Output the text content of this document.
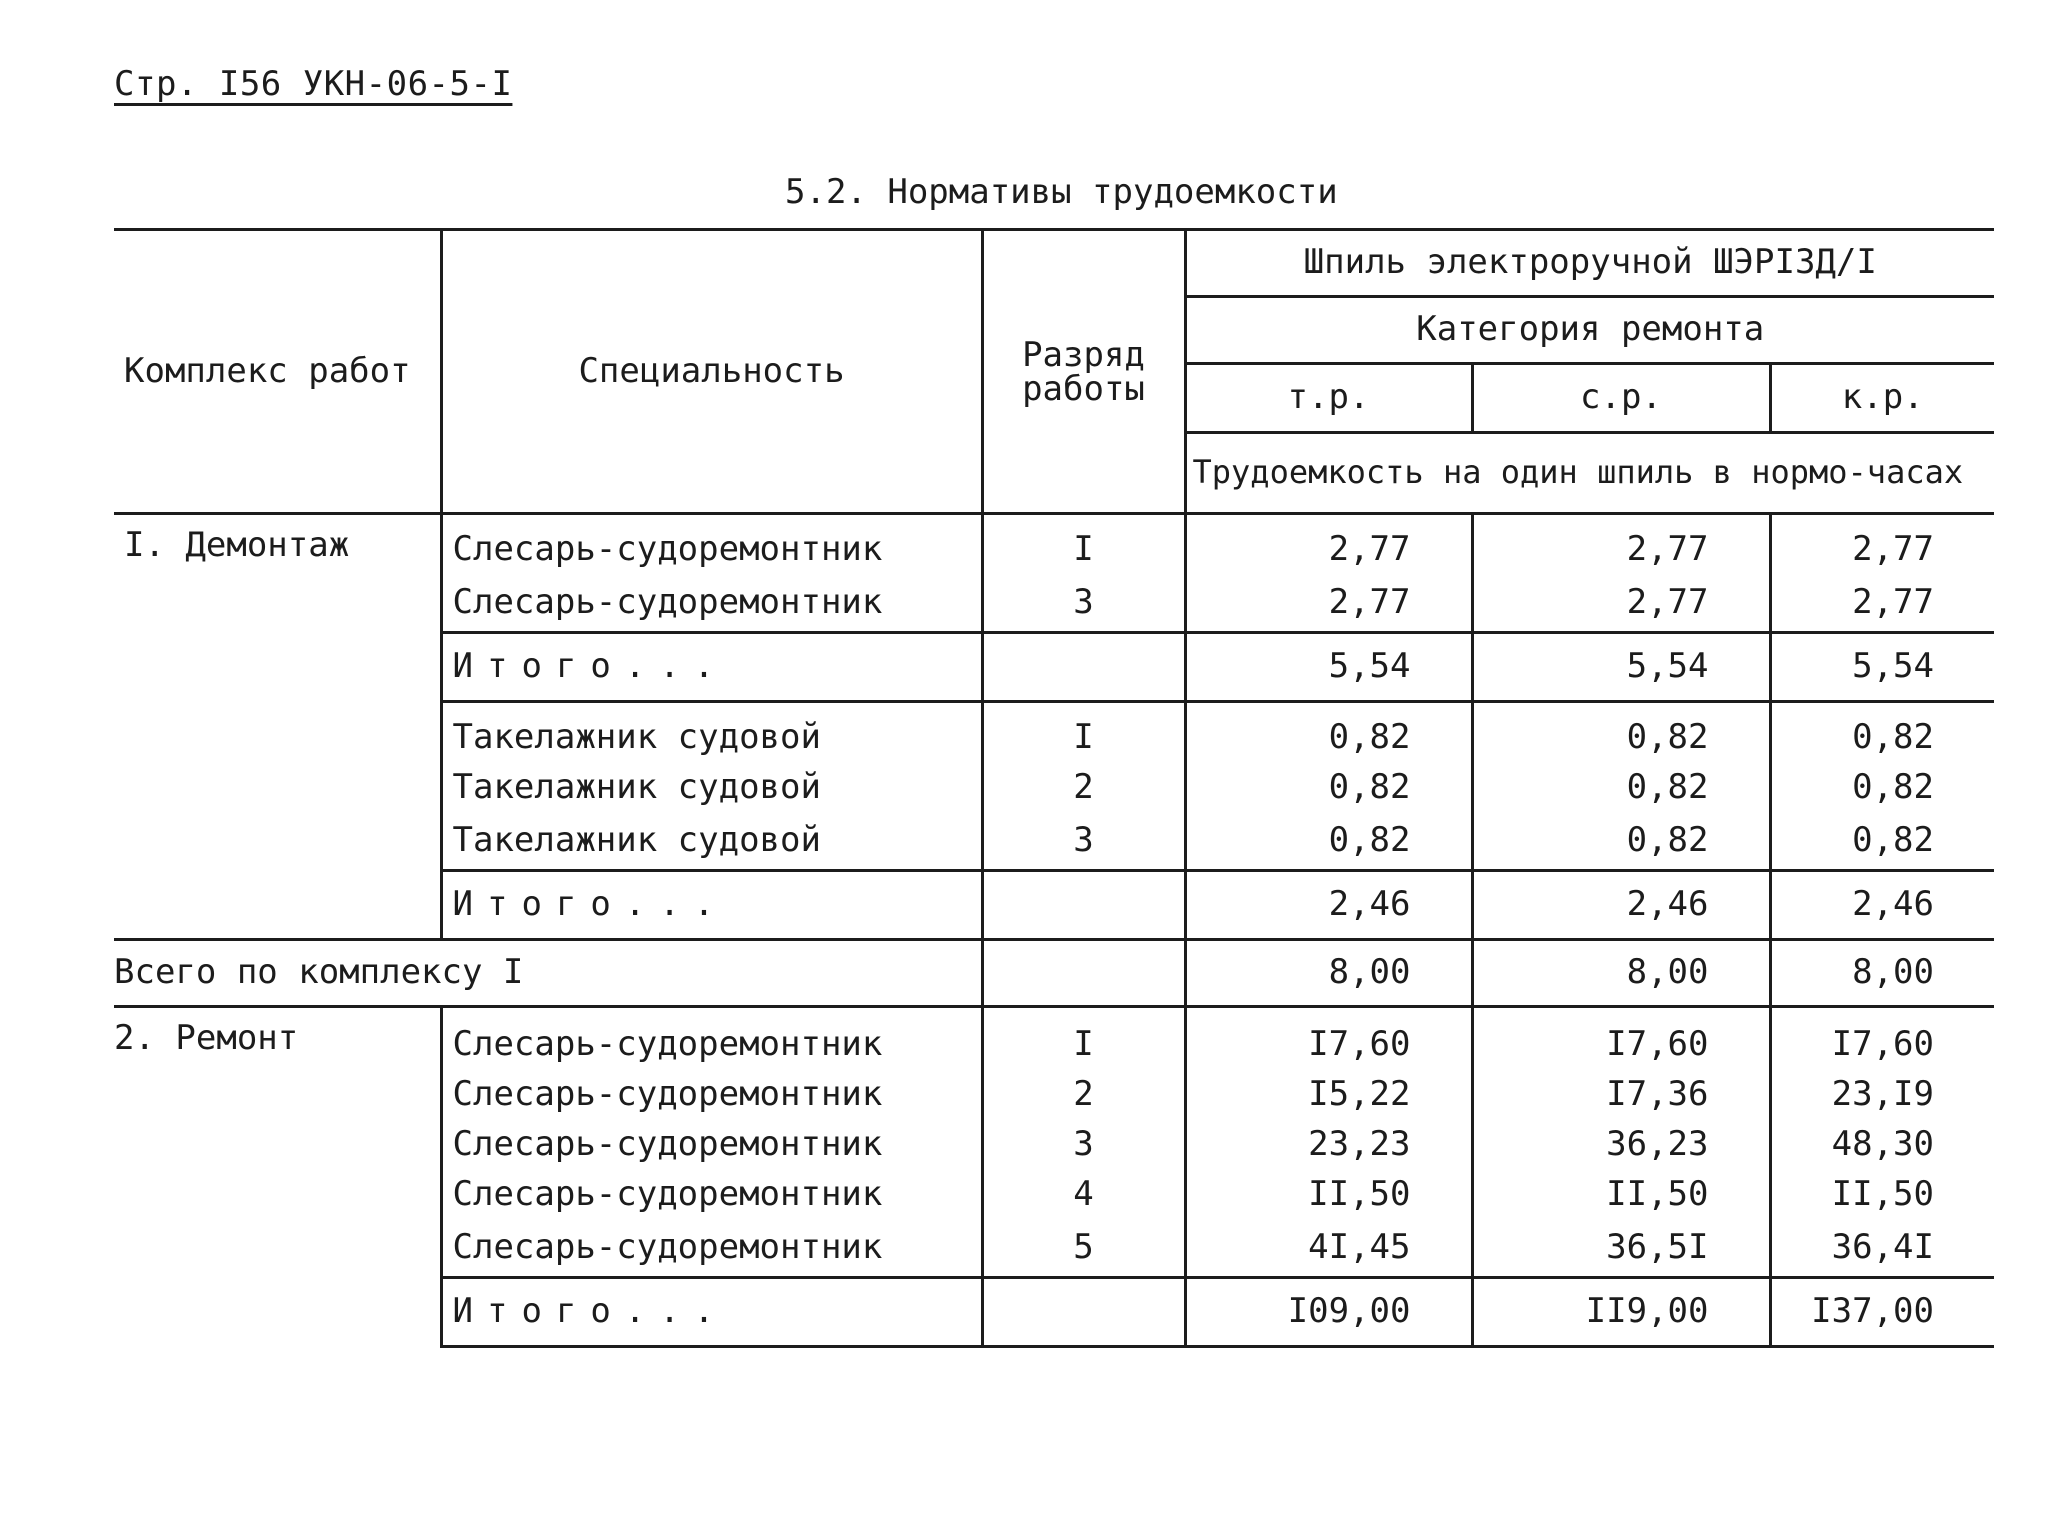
Стр. I56 УКН-06-5-I
5.2. Нормативы трудоемкости
Комплекс работ	Специальность	Разряд работы	Шпиль электроручной ШЭРI3Д/I		
			Категория ремонта		
			т.р.	с.р.	к.р.
			Трудоемкость на один шпиль в нормо-часах		
I. Демонтаж	Слесарь-судоремонтник	I	2,77	2,77	2,77
	Слесарь-судоремонтник	3	2,77	2,77	2,77
	Итого...		5,54	5,54	5,54
	Такелажник судовой	I	0,82	0,82	0,82
	Такелажник судовой	2	0,82	0,82	0,82
	Такелажник судовой	3	0,82	0,82	0,82
	Итого...		2,46	2,46	2,46
Всего по комплексу I			8,00	8,00	8,00
2. Ремонт	Слесарь-судоремонтник	I	I7,60	I7,60	I7,60
	Слесарь-судоремонтник	2	I5,22	I7,36	23,I9
	Слесарь-судоремонтник	3	23,23	36,23	48,30
	Слесарь-судоремонтник	4	II,50	II,50	II,50
	Слесарь-судоремонтник	5	4I,45	36,5I	36,4I
	Итого...		I09,00	II9,00	I37,00
